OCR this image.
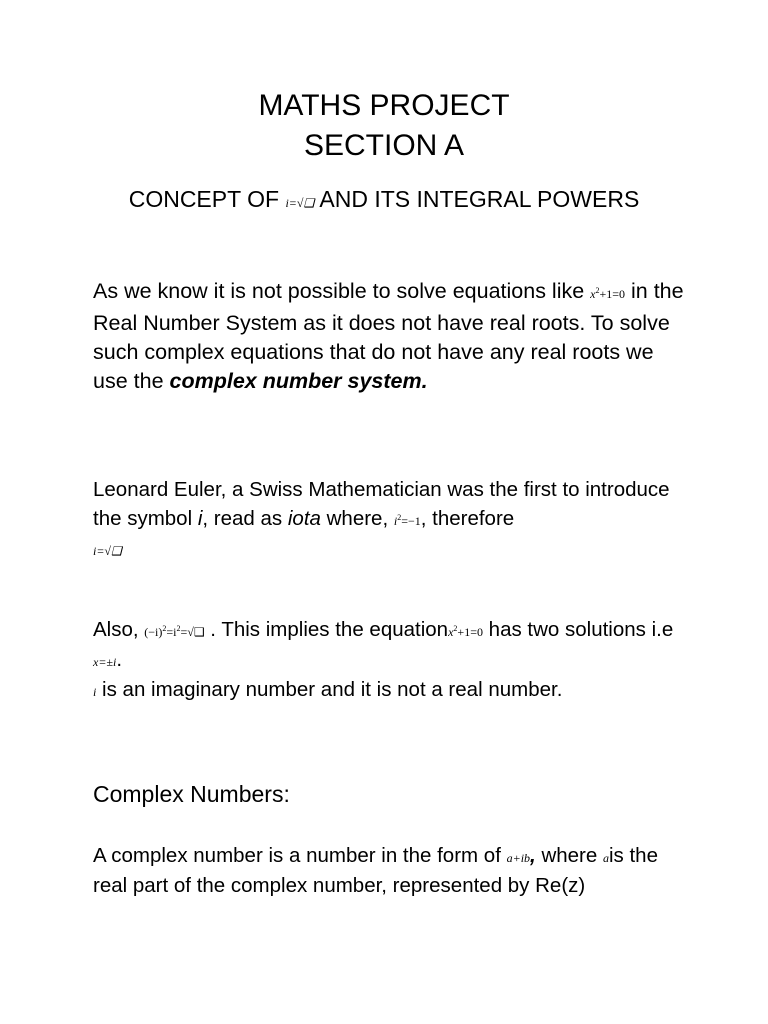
MATHS PROJECT
SECTION A
CONCEPT OF i=√❑ AND ITS INTEGRAL POWERS

As we know it is not possible to solve equations like $x^2+1=0$ in the Real Number System as it does not have real roots. To solve such complex equations that do not have any real roots we use the complex number system.

Leonard Euler, a Swiss Mathematician was the first to introduce the symbol i, read as iota where, $i^2=-1$, therefore
i=√❑

Also, $(-i)^2=i^2=√❑$ . This implies the equationx$^2$+1=0 has two solutions i.e x=±i.
i is an imaginary number and it is not a real number.

Complex Numbers:

A complex number is a number in the form of a+ib, where ais the real part of the complex number, represented by Re(z)
